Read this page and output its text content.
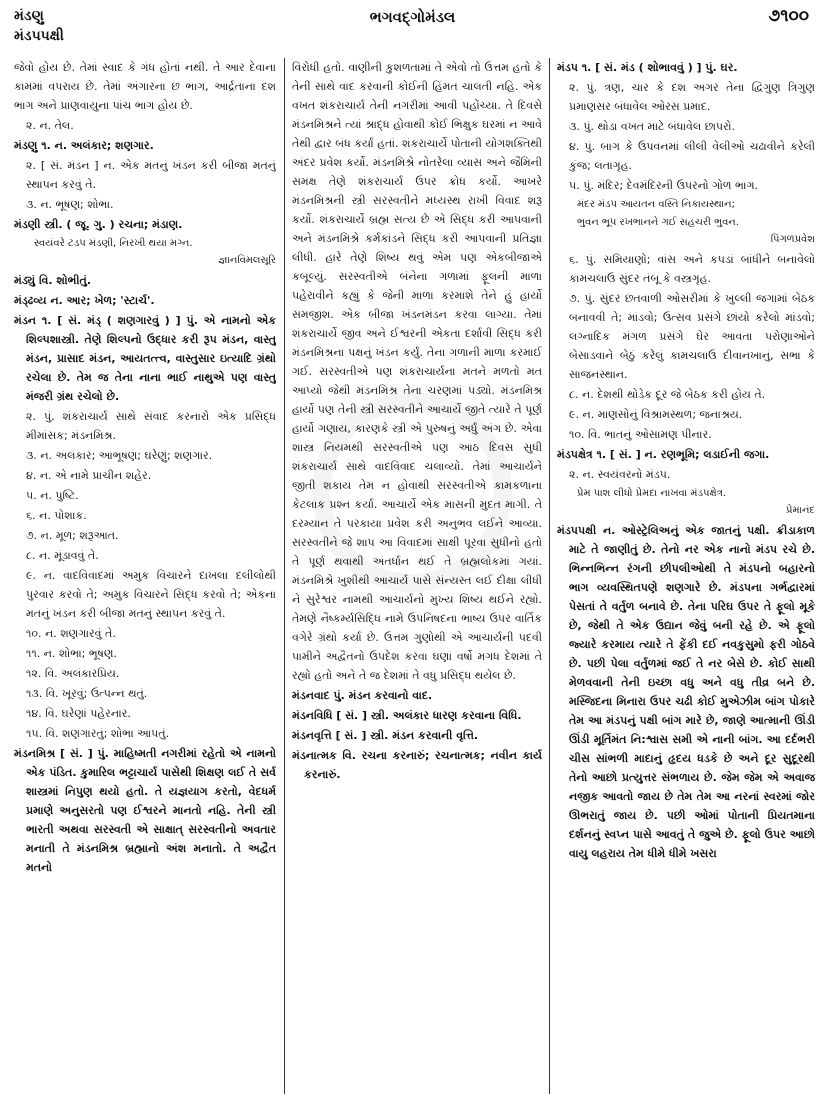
મંડણુ
મંડપપક્ષી
ભગવદ્ગોમંડલ	૭૧૦૦

જેવો હોય છે. તેમાં સ્વાદ કે ગંધ હોતાં નથી. તે આર દેવાના કામમાં વપરાય છે. તેમાં અંગારના છ ભાગ, આર્દ્રતાના દશ ભાગ અને પ્રાણવાયુના પાંચ ભાગ હોય છે.

૨. ન. તેલ.

મંડણુ ૧. ન. અલંકાર; શણગાર.

૨. [ સં. મંડન ] ન. એક મતનું ખંડન કરી બીજા મતનું સ્થાપન કરવું તે.

૩. ન. ભૂષણ; શોભા.

મંડણી સ્ત્રી. ( જૂ. ગુ. ) રચના; મંડાણ.

સ્વયંવરે ટડપ મંડણી, નિરખી થયા મગ્ન.

જ્ઞાનવિમલસૂરિ

મંડ્યું વિ. શોભીતું.

મંડ્ઢવ્ય ન. આર; ખેળ; 'સ્ટાર્ચ'.

મંડન ૧. [ સં. મંડ્ ( શણગારવું ) ] પું. એ નામનો એક શિલ્પશાસ્ત્રી. તેણે શિલ્પનો ઉદ્ધાર કરી રૂપ મંડન, વાસ્તુ મંડન, પ્રાસાદ મંડન, આયતત્ત્વ, વાસ્તુસાર ઇત્યાદિ ગ્રંથો રચેલા છે. તેમ જ તેના નાના ભાઈ નાથુએ પણ વાસ્તુ મંજરી ગ્રંથ રચેલો છે.

૨. પું. શંકરાચાર્ય સાથે સંવાદ કરનારો એક પ્રસિદ્ધ મીમાંસક; મંડનમિશ્ર.

૩. ન. અલંકાર; આભૂષણ; ઘરેણું; શણગાર.

૪. ન. એ નામે પ્રાચીન શહેર.

૫. ન. પુષ્ટિ.

૬. ન. પોશાક.

૭. ન. મૂળ; શરૂઆત.

૮. ન. મૂંડાવવું તે.

૯. ન. વાદવિવાદમાં અમુક વિચારને દાખલા દલીલોથી પુરવાર કરવો તે; અમુક વિચારને સિદ્ધ કરવો તે; એકના મતનું ખંડન કરી બીજા મતનું સ્થાપન કરવું તે.

૧૦. ન. શણગારવું તે.

૧૧. ન. શોભા; ભૂષણ.

૧૨. વિ. અલંકારપ્રિય.

૧૩. વિ. ખૂરવું; ઉત્પન્ન થતું.

૧૪. વિ. ઘરેણાં પહેરનાર.

૧૫. વિ. શણગારતું; શોભા આપતું.

મંડનમિશ્ર [ સં. ] પું. માહિષ્મતી નગરીમાં રહેતો એ નામનો એક પંડિત. કુમારિલ ભટ્ટાચાર્ય પાસેથી શિક્ષણ લઈ તે સર્વ શાસ્ત્રમાં નિપુણ થયો હતો. તે યજ્ઞયાગ કરતો, વેદધર્મ પ્રમાણે અનુસરતો પણ ઈશ્વરને માનતો નહિ. તેની સ્ત્રી ભારતી અથવા સરસ્વતી એ સાક્ષાત્ સરસ્વતીનો અવતાર મનાતી તે મંડનમિશ્ર બ્રહ્માનો અંશ મનાતો. તે અદ્વૈત મતનો

વિરોધી હતો. વાણીની કુશળતામાં તે એવો તો ઉત્તમ હતો કે તેની સાથે વાદ કરવાની કોઈની હિંમત ચાલતી નહિ. એક વખત શંકરાચાર્ય તેની નગરીમાં આવી પહોંચ્યા. તે દિવસે મંડનમિશ્રને ત્યાં શ્રાદ્ધ હોવાથી કોઈ ભિક્ષુક ઘરમાં ન આવે તેથી દ્વાર બંધ કર્યાં હતાં. શંકરાચાર્યે પોતાની યોગશક્તિથી અંદર પ્રવેશ કર્યો. મંડનમિશ્રે નોતરેલા વ્યાસ અને જૈમિની સમક્ષ તેણે શંકરાચાર્ય ઉપર ક્રોધ કર્યો. આખરે મંડનમિશ્રની સ્ત્રી સરસ્વતીને મધ્યસ્થ રાખી વિવાદ શરૂ કર્યો. શંકરાચાર્યે બ્રહ્મ સત્ય છે એ સિદ્ધ કરી આપવાની અને મંડનમિશ્રે કર્મકાંડને સિદ્ધ કરી આપવાની પ્રતિજ્ઞા લીધી. હારે તેણે શિષ્ય થવું એમ પણ એકબીજાએ કબૂલ્યું. સરસ્વતીએ બંનેના ગળામાં ફૂલની માળા પહેરાવીને કહ્યું કે જેની માળા કરમાશે તેને હું હાર્યો સમજીશ. એક બીજા ખંડનમંડન કરવા લાગ્યા. તેમાં શંકરાચાર્યે જીવ અને ઈશ્વરની એકતા દર્શાવી સિદ્ધ કરી મંડનમિશ્રના પક્ષનું ખંડન કર્યું. તેના ગળાની માળા કરમાઈ ગઈ. સરસ્વતીએ પણ શંકરાચાર્યના મતને મળતો મત આપ્યો જેથી મંડનમિશ્ર તેના ચરણમાં પડ્યો. મંડનમિશ્ર હાર્યો પણ તેની સ્ત્રી સરસ્વતીને આચાર્યે જીતે ત્યારે તે પૂર્ણ હાર્યો ગણાય, કારણકે સ્ત્રી એ પુરુષનું અર્ધું અંગ છે. એવા શાસ્ત્ર નિયમથી સરસ્વતીએ પણ આઠ દિવસ સુધી શંકરાચાર્ય સાથે વાદવિવાદ ચલાવ્યો. તેમાં આચાર્યને જીતી શકાય તેમ ન હોવાથી સરસ્વતીએ કામકળાના કેટલાક પ્રશ્ન કર્યા. આચાર્યે એક માસની મુદત માગી. તે દરમ્યાન તે પરકાયા પ્રવેશ કરી અનુભવ લઈને આવ્યા. સરસ્વતીને જે શાપ આ વિવાદમાં સાક્ષી પૂરવા સુધીનો હતો તે પૂર્ણ થવાથી અંતર્ધાન થઈ તે બ્રહ્મલોકમાં ગયાં. મંડનમિશ્રે ખુશીથી આચાર્ય પાસે સંન્યસ્ત લઈ દીક્ષા લીધી ને સુરેશ્વર નામથી આચાર્યનો મુખ્ય શિષ્ય થઈને રહ્યો. તેમણે નૈષ્કર્મ્યસિદ્ધિ નામે ઉપનિષદના ભાષ્ય ઉપર વાર્તિક વગેરે ગ્રંથો કર્યા છે. ઉત્તમ ગુણોથી એ આચાર્યની પદવી પામીને અદ્વૈતનો ઉપદેશ કરવા ઘણાં વર્ષો મગધ દેશમાં તે રહ્યો હતો અને તે જ દેશમાં તે વધુ પ્રસિદ્ધ થયેલ છે.

મંડનવાદ પું. મંડન કરવાનો વાદ.

મંડનવિધિ [ સં. ] સ્ત્રી. અલંકાર ધારણ કરવાના વિધિ.

મંડનવૃત્તિ [ સં. ] સ્ત્રી. મંડન કરવાની વૃત્તિ.

મંડનાત્મક વિ. રચના કરનારું; રચનાત્મક; નવીન કાર્ય કરનારું.

મંડપ ૧. [ સં. મંડ ( શોભાવવું ) ] પું. ઘર.

૨. પું. ત્રણ, ચાર કે દશ અગર તેના દ્વિગુણ ત્રિગુણ પ્રમાણસર બંધાવેલ ઓરસ પ્રમાદ.

૩. પું. થોડા વખત માટે બંધાવેલ છાપરો.

૪. પું. બાગ કે ઉપવનમાં લીલી વેલીઓ ચઢાવીને કરેલી કુંજ; લતાગૃહ.

૫. પું. મંદિર; દેવમંદિરની ઉપરનો ગોળ ભાગ.

મંદર મંડપ આયતન વસ્તિ નિકાયસ્થાન;

ભુવન ભૂપ રખભાનને ગઈ સહચરી ભુવન.

પિંગળપ્રવેશ

૬. પું. સમિયાણો; વાંસ અને કપડાં બાંધીને બનાવેલો કામચલાઉ સુંદર તંબૂ કે વસ્ત્રગૃહ.

૭. પું. સુંદર છતવાળી ઓસરીમાં કે ખુલ્લી જગામાં બેઠક બનાવવી તે; માંડવો; ઉત્સવ પ્રસંગે છાંયો કરેલો માંડવો; લગ્નાદિક મંગળ પ્રસંગે ઘેર આવતા પરોણાઓને બેસાડવાને બેઠું કરેલું કામચલાઉ દીવાનખાનું, સભા કે સાજનસ્થાન.

૮. ન. દેશથી થોડેક દૂર જે બેઠક કરી હોય તે.

૯. ન. માણસોનું વિશ્રામસ્થળ; જનાશ્રય.

૧૦. વિ. ભાતનું ઓસામણ પીનાર.

મંડપક્ષેત્ર ૧. [ સં. ] ન. રણભૂમિ; લડાઈની જગા.

૨. ન. સ્વયંવરનો મંડપ.

પ્રેમ પાશ લીધો પ્રેમદા નાખવા મંડપક્ષેત્ર.

પ્રેમાનંદ

મંડપપક્ષી ન. ઓસ્ટ્રેલિઅનું એક જાતનું પક્ષી. ક્રીડાકાળ માટે તે જાણીતું છે. તેનો નર એક નાનો મંડપ રચે છે. ભિન્નભિન્ન રંગની છીપલીઓથી તે મંડપનો બહારનો ભાગ વ્યવસ્થિતપણે શણગારે છે. મંડપના ગર્ભદ્વારમાં પેસતાં તે વર્તુળ બનાવે છે. તેના પરિઘ ઉપર તે ફૂલો મૂકે છે, જેથી તે એક ઉદ્યાન જેવું બની રહે છે. એ ફૂલો જ્યારે કરમાય ત્યારે તે ફેંકી દઈ નવકુસુમો ફરી ગોઠવે છે. પછી પેલા વર્તુળમાં જઈ તે નર બેસે છે. કોઈ સાથી મેળવવાની તેની ઇચ્છા વધુ અને વધુ તીવ્ર બને છે. મસ્જિદના મિનારા ઉપર ચઢી કોઈ મુએઝીમ બાંગ પોકારે તેમ આ મંડપનું પક્ષી બાંગ મારે છે, જાણે આત્માની ઊંડી ઊંડી મૂર્તિમંત નિ:શ્વાસ સમી એ નાની બાંગ. આ દર્દભરી ચીસ સાંભળી માદાનું હૃદય ધડકે છે અને દૂર સુદૂરથી તેનો આછો પ્રત્યુત્તર સંભળાય છે. જેમ જેમ એ અવાજ નજીક આવતો જાય છે તેમ તેમ આ નરનાં સ્વરમાં જોર ઊભરાતું જાય છે. પછી ઓમાં પોતાની પ્રિયતમાના દર્શનનું સ્વપ્ન પાસે આવતું તે જુએ છે. ફૂલો ઉપર આછો વાયુ લહરાય તેમ ધીમે ધીમે ખસરા
